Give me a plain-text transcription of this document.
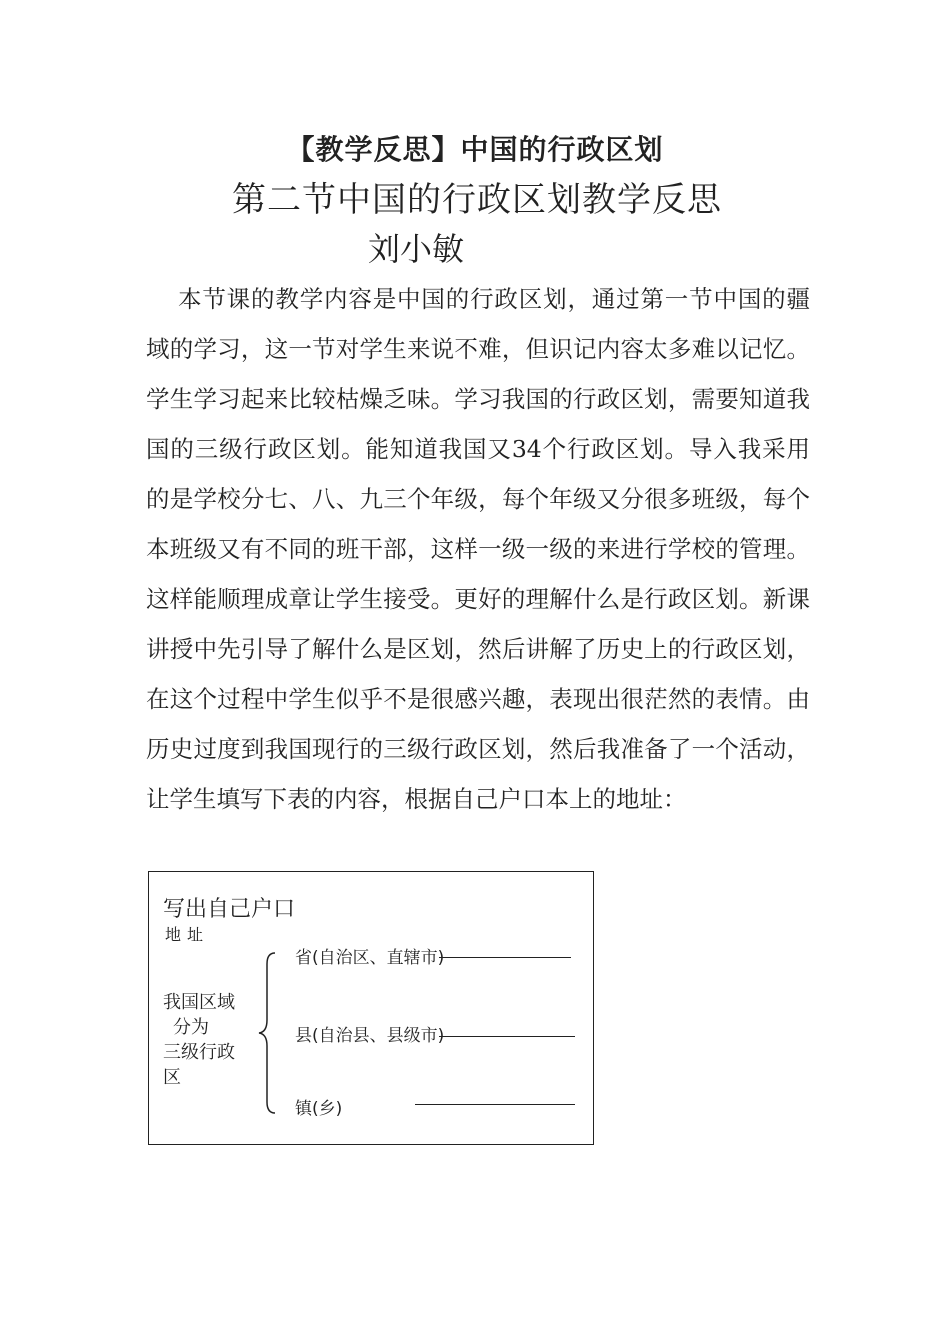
【教学反思】中国的行政区划
第二节中国的行政区划教学反思
刘小敏

本节课的教学内容是中国的行政区划，通过第一节中国的疆域的学习，这一节对学生来说不难，但识记内容太多难以记忆。学生学习起来比较枯燥乏味。学习我国的行政区划，需要知道我国的三级行政区划。能知道我国又34个行政区划。导入我采用的是学校分七、八、九三个年级，每个年级又分很多班级，每个本班级又有不同的班干部，这样一级一级的来进行学校的管理。这样能顺理成章让学生接受。更好的理解什么是行政区划。新课讲授中先引导了解什么是区划，然后讲解了历史上的行政区划，在这个过程中学生似乎不是很感兴趣，表现出很茫然的表情。由历史过度到我国现行的三级行政区划，然后我准备了一个活动，让学生填写下表的内容，根据自己户口本上的地址：

写出自己户口
地址
我国区域
分为
三级行政
区
省(自治区、直辖市)
县(自治县、县级市)
镇(乡)
